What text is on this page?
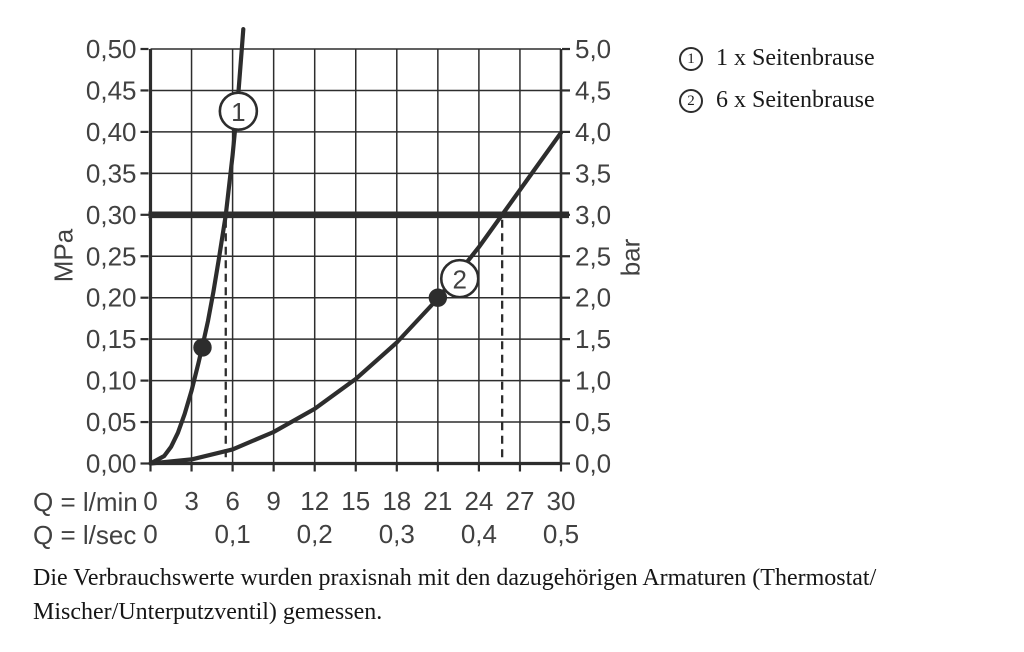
0,50
0,45
0,40
0,35
0,30
0,25
0,20
0,15
0,10
0,05
0,00
5,0
4,5
4,0
3,5
3,0
2,5
2,0
1,5
1,0
0,5
0,0
0 3 6 9 12 15 18 21 24 27 30
0 0,1 0,2 0,3 0,4 0,5
1
2
MPa	bar
Q = l/min
Q = l/sec
1 1 x Seitenbrause
2 6 x Seitenbrause
Die Verbrauchswerte wurden praxisnah mit den dazugehörigen Armaturen (Thermostat/
Mischer/Unterputzventil) gemessen.
